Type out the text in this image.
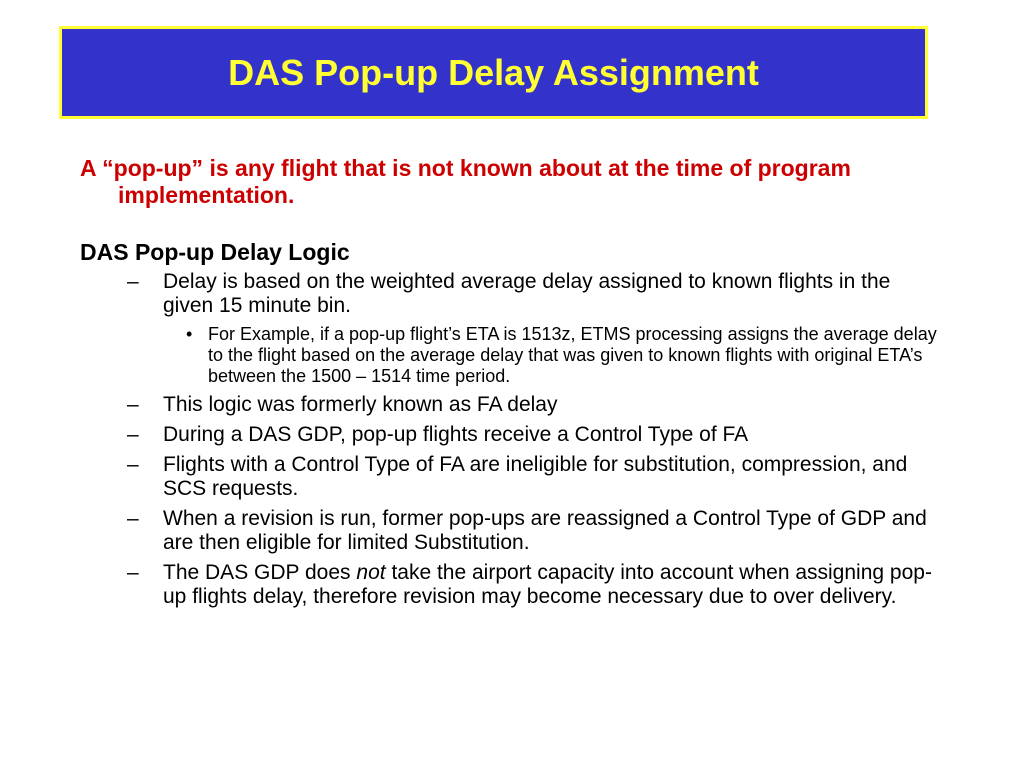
DAS Pop-up Delay Assignment

A “pop-up” is any flight that is not known about at the time of program implementation.

DAS Pop-up Delay Logic

– Delay is based on the weighted average delay assigned to known flights in the given 15 minute bin.
• For Example, if a pop-up flight’s ETA is 1513z, ETMS processing assigns the average delay to the flight based on the average delay that was given to known flights with original ETA’s between the 1500 – 1514 time period.
– This logic was formerly known as FA delay
– During a DAS GDP, pop-up flights receive a Control Type of FA
– Flights with a Control Type of FA are ineligible for substitution, compression, and SCS requests.
– When a revision is run, former pop-ups are reassigned a Control Type of GDP and are then eligible for limited Substitution.
– The DAS GDP does not take the airport capacity into account when assigning pop-up flights delay, therefore revision may become necessary due to over delivery.
